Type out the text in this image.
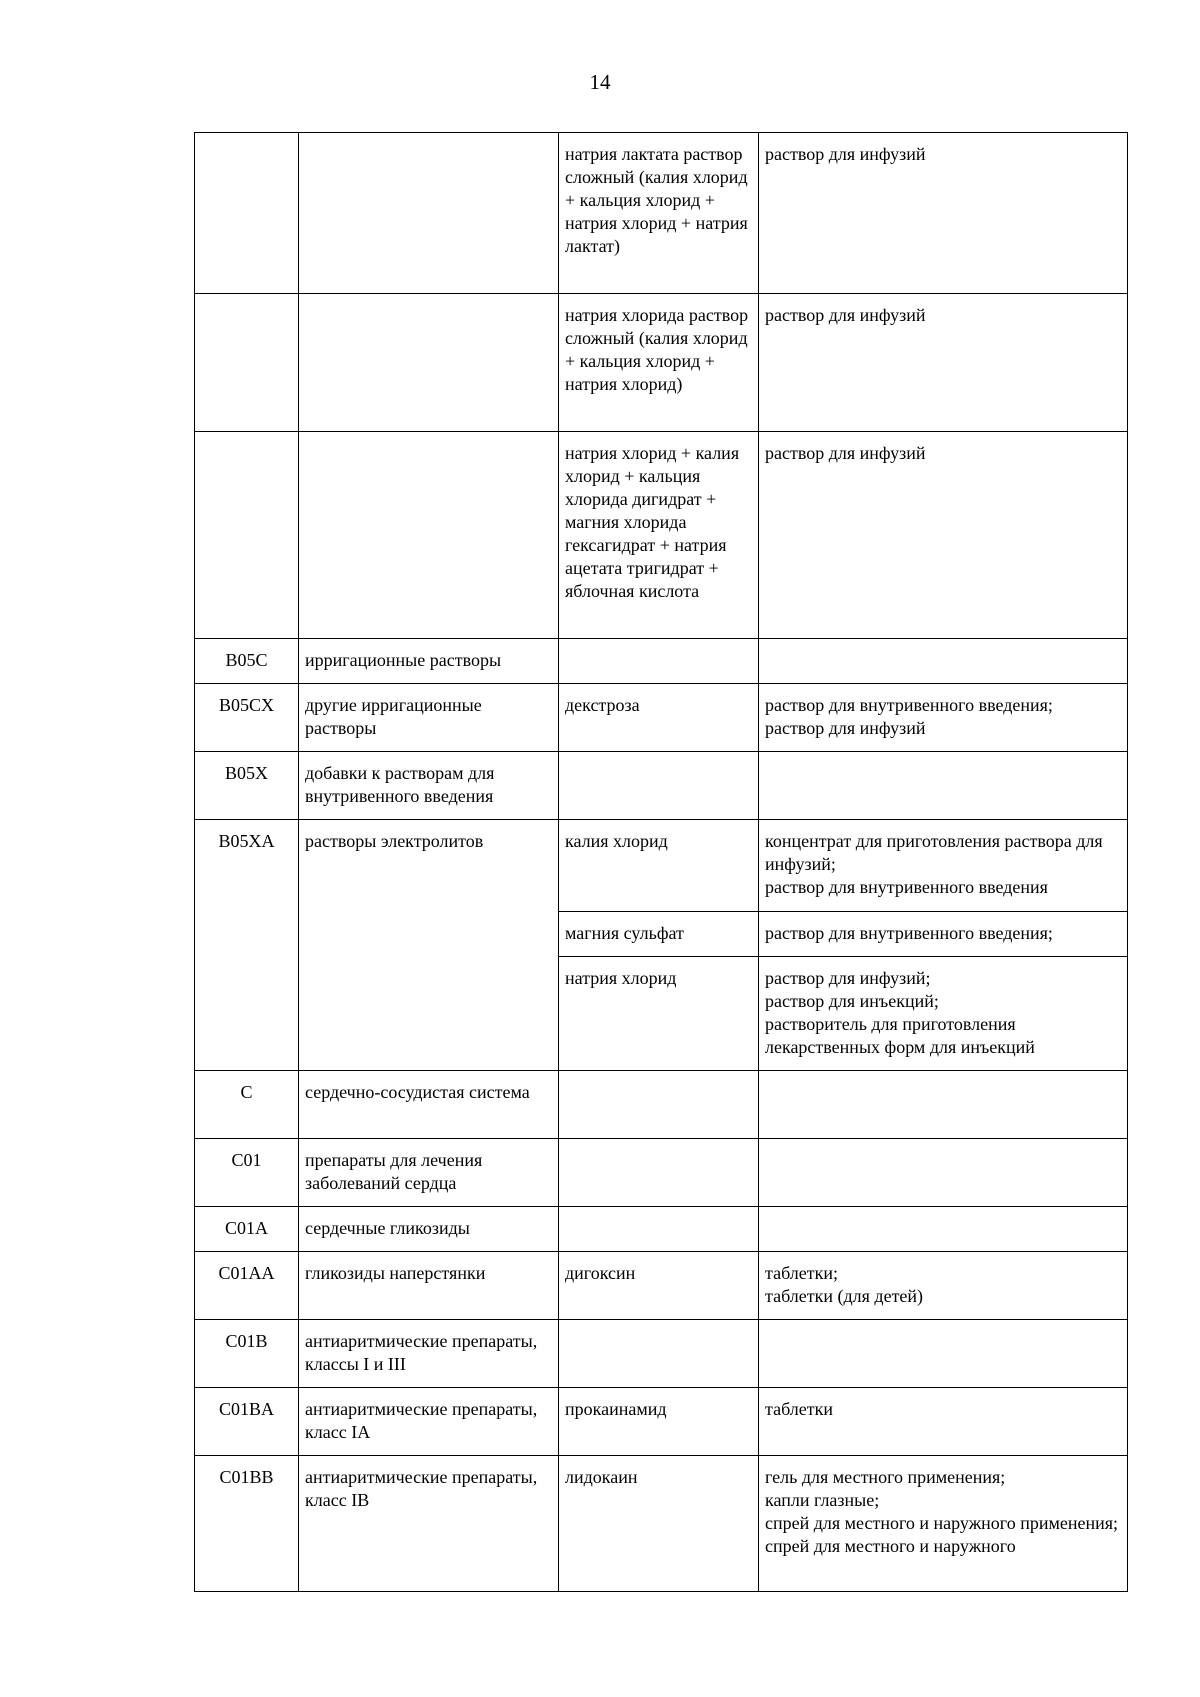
14
		натрия лактата раствор сложный (калия хлорид + кальция хлорид + натрия хлорид + натрия лактат)	раствор для инфузий

		натрия хлорида раствор сложный (калия хлорид + кальция хлорид + натрия хлорид)	раствор для инфузий

		натрия хлорид + калия хлорид + кальция хлорида дигидрат + магния хлорида гексагидрат + натрия ацетата тригидрат + яблочная кислота	раствор для инфузий

B05C	ирригационные растворы		
B05CX	другие ирригационные растворы	декстроза	раствор для внутривенного введения;
раствор для инфузий

B05X	добавки к растворам для внутривенного введения		
B05XA	растворы электролитов	калия хлорид	концентрат для приготовления раствора для инфузий;
раствор для внутривенного введения

		магния сульфат	раствор для внутривенного введения;

		натрия хлорид	раствор для инфузий;
раствор для инъекций;
растворитель для приготовления лекарственных форм для инъекций

C	сердечно-сосудистая система		
C01	препараты для лечения заболеваний сердца		
C01A	сердечные гликозиды		
C01AA	гликозиды наперстянки	дигоксин	таблетки;
таблетки (для детей)

C01B	антиаритмические препараты, классы I и III		
C01BA	антиаритмические препараты, класс IA	прокаинамид	таблетки

C01BB	антиаритмические препараты, класс IB	лидокаин	гель для местного применения;
капли глазные;
спрей для местного и наружного применения;
спрей для местного и наружного
